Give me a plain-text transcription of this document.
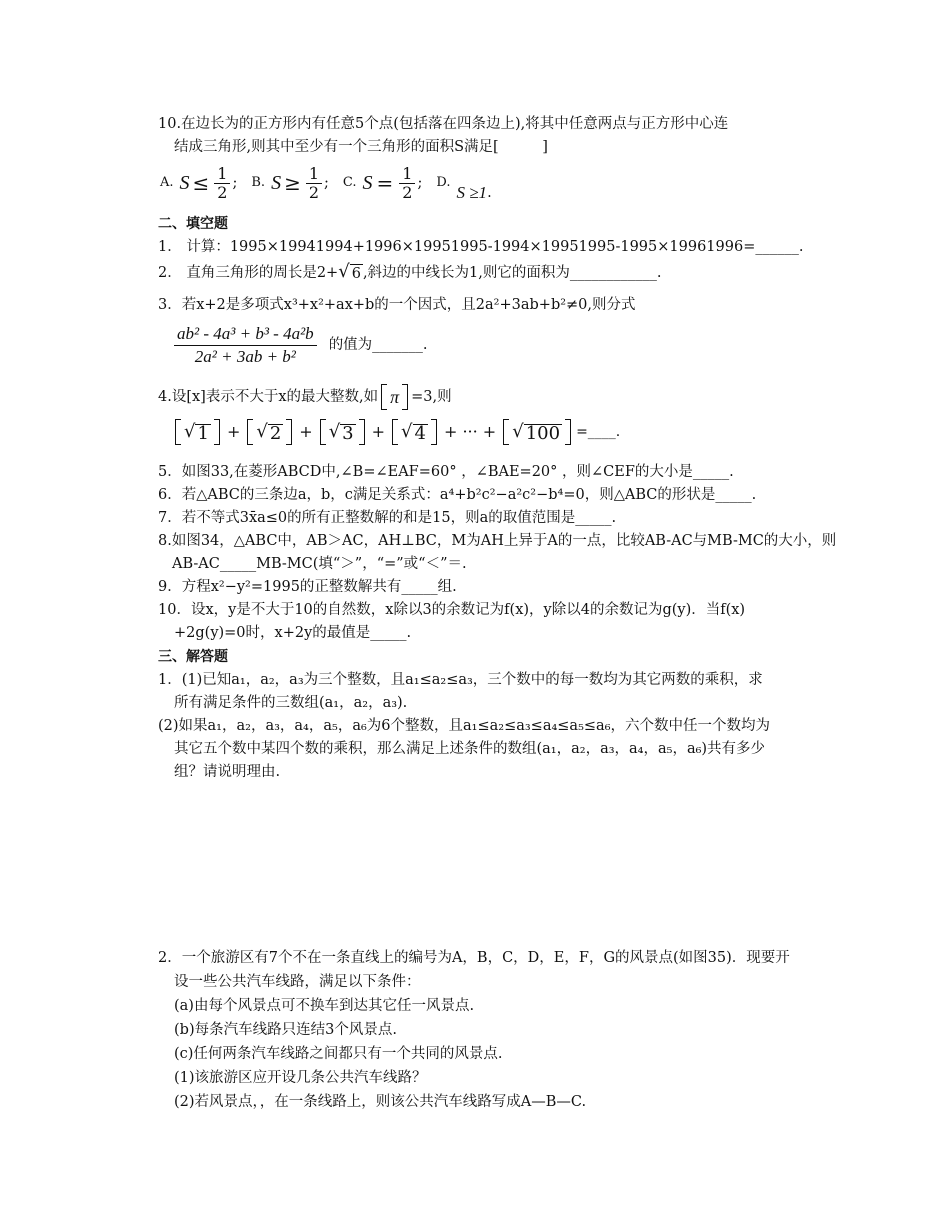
10.在边长为的正方形内有任意5个点(包括落在四条边上),将其中任意两点与正方形中心连
结成三角形,则其中至少有一个三角形的面积S满足[　　　]
A. $S \le \frac{1}{2}$ ; B. $S \ge \frac{1}{2}$ ; C. $S = \frac{1}{2}$ ; D.
S ≥1 .
二、填空题
1． 计算：1995×19941994+1996×19951995-1994×19951995-1995×19961996=______.
2． 直角三角形的周长是2+ √ 6 ,斜边的中线长为1,则它的面积为____________.
3．若x+2是多项式x³+x²+ax+b的一个因式，且2a²+3ab+b²≠0,则分式
$\frac{\text{ab² - 4a³ + b³ - 4a²b}}{\text{2a² + 3ab + b²}}$ 的值为_______.
4.设[x]表示不大于x的最大整数,如 π =3,则
√ 1 + √ 2 + √ 3 + √ 4 + ··· + √ 100 =____.
5．如图33,在菱形ABCD中,∠B=∠EAF=60° ，∠BAE=20° ，则∠CEF的大小是_____.
6．若△ABC的三条边a，b，c满足关系式：a⁴+b²c²−a²c²−b⁴=0，则△ABC的形状是_____.
7．若不等式3x̄a≤0的所有正整数解的和是15，则a的取值范围是_____.
8.如图34，△ABC中，AB＞AC，AH⊥BC，M为AH上异于A的一点，比较AB-AC与MB-MC的大小，则
AB-AC_____MB-MC(填“＞”，“=”或“＜”＝.
9．方程x²−y²=1995的正整数解共有_____组.
10．设x，y是不大于10的自然数，x除以3的余数记为f(x)，y除以4的余数记为g(y)．当f(x)
+2g(y)=0时，x+2y的最值是_____.
三、解答题
1．(1)已知a₁，a₂，a₃为三个整数，且a₁≤a₂≤a₃，三个数中的每一数均为其它两数的乘积，求
所有满足条件的三数组(a₁，a₂，a₃).
(2)如果a₁，a₂，a₃，a₄，a₅，a₆为6个整数，且a₁≤a₂≤a₃≤a₄≤a₅≤a₆，六个数中任一个数均为
其它五个数中某四个数的乘积，那么满足上述条件的数组(a₁，a₂，a₃，a₄，a₅，a₆)共有多少
组？请说明理由.
2．一个旅游区有7个不在一条直线上的编号为A，B，C，D，E，F，G的风景点(如图35)．现要开
设一些公共汽车线路，满足以下条件：
(a)由每个风景点可不换车到达其它任一风景点.
(b)每条汽车线路只连结3个风景点.
(c)任何两条汽车线路之间都只有一个共同的风景点.
(1)该旅游区应开设几条公共汽车线路？
(2)若风景点，，在一条线路上，则该公共汽车线路写成A—B—C.
